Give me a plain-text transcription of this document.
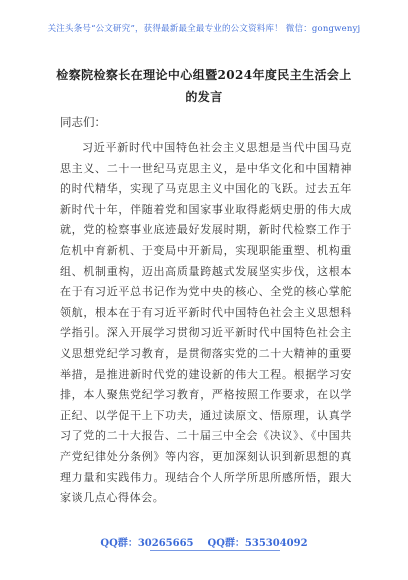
关注头条号“公文研究”，获得最新最全最专业的公文资料库！ 微信：gongwenyj
检察院检察长在理论中心组暨2024年度民主生活会上的发言
同志们：

习近平新时代中国特色社会主义思想是当代中国马克思主义、二十一世纪马克思主义，是中华文化和中国精神的时代精华，实现了马克思主义中国化的飞跃。过去五年新时代十年，伴随着党和国家事业取得彪炳史册的伟大成就，党的检察事业底迹最好发展时期，新时代检察工作于危机中育新机、于变局中开新局，实现职能重塑、机构重组、机制重构，迈出高质量跨越式发展坚实步伐，这根本在于有习近平总书记作为党中央的核心、全党的核心掌舵领航，根本在于有习近平新时代中国特色社会主义思想科学指引。深入开展学习贯彻习近平新时代中国特色社会主义思想党纪学习教育，是贯彻落实党的二十大精神的重要举措，是推进新时代党的建设新的伟大工程。根据学习安排，本人聚焦党纪学习教育，严格按照工作要求，在以学正纪、以学促干上下功夫，通过读原文、悟原理，认真学习了党的二十大报告、二十届三中全会《决议》、《中国共产党纪律处分条例》等内容，更加深刻认识到新思想的真理力量和实践伟力。现结合个人所学所思所感所悟，跟大家谈几点心得体会。

QQ群：30265665 QQ群：535304092
